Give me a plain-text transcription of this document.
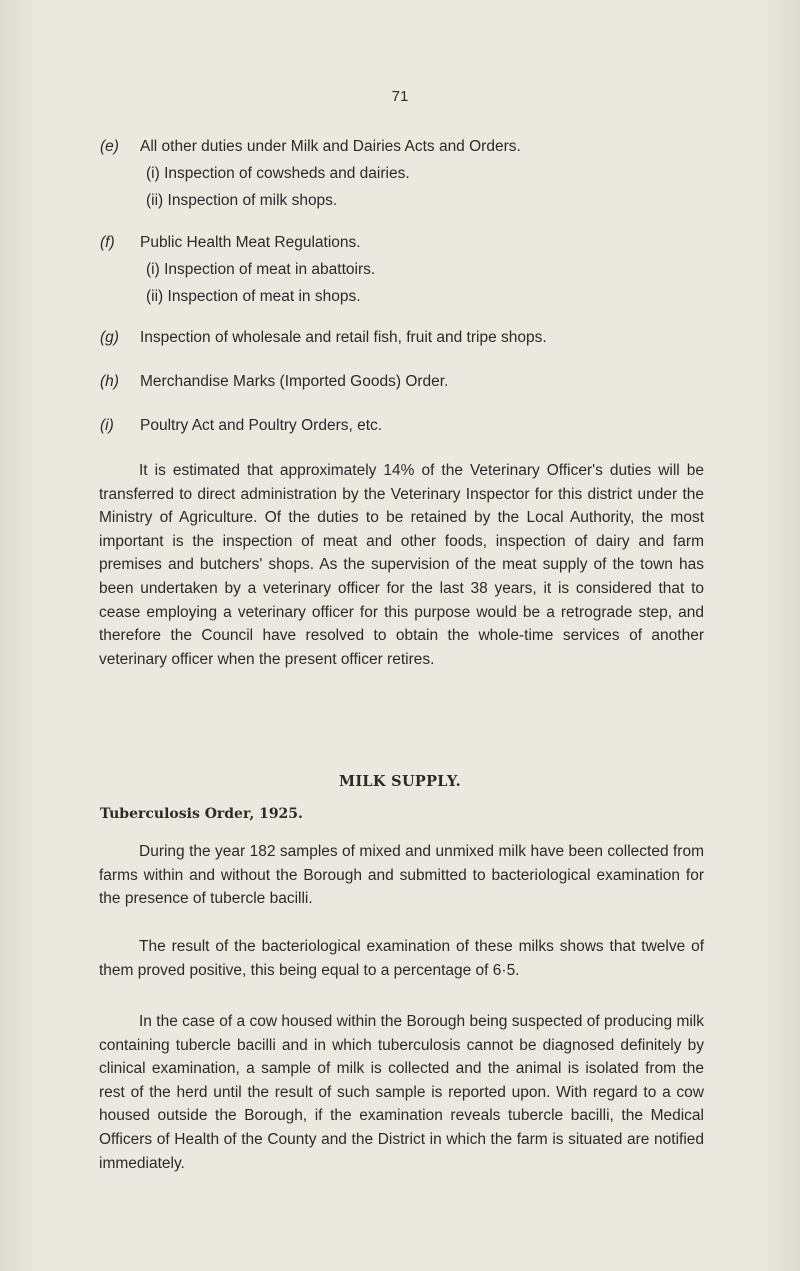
71
(e) All other duties under Milk and Dairies Acts and Orders.
(i) Inspection of cowsheds and dairies.
(ii) Inspection of milk shops.
(f) Public Health Meat Regulations.
(i) Inspection of meat in abattoirs.
(ii) Inspection of meat in shops.
(g) Inspection of wholesale and retail fish, fruit and tripe shops.
(h) Merchandise Marks (Imported Goods) Order.
(i) Poultry Act and Poultry Orders, etc.
It is estimated that approximately 14% of the Veterinary Officer's duties will be transferred to direct administration by the Veterinary Inspector for this district under the Ministry of Agriculture. Of the duties to be retained by the Local Authority, the most important is the inspection of meat and other foods, inspection of dairy and farm premises and butchers' shops. As the supervision of the meat supply of the town has been undertaken by a veterinary officer for the last 38 years, it is considered that to cease employing a veterinary officer for this purpose would be a retrograde step, and therefore the Council have resolved to obtain the whole-time services of another veterinary officer when the present officer retires.
MILK SUPPLY.
Tuberculosis Order, 1925.
During the year 182 samples of mixed and unmixed milk have been collected from farms within and without the Borough and submitted to bacteriological examination for the presence of tubercle bacilli.
The result of the bacteriological examination of these milks shows that twelve of them proved positive, this being equal to a percentage of 6·5.
In the case of a cow housed within the Borough being suspected of producing milk containing tubercle bacilli and in which tuberculosis cannot be diagnosed definitely by clinical examination, a sample of milk is collected and the animal is isolated from the rest of the herd until the result of such sample is reported upon. With regard to a cow housed outside the Borough, if the examination reveals tubercle bacilli, the Medical Officers of Health of the County and the District in which the farm is situated are notified immediately.
